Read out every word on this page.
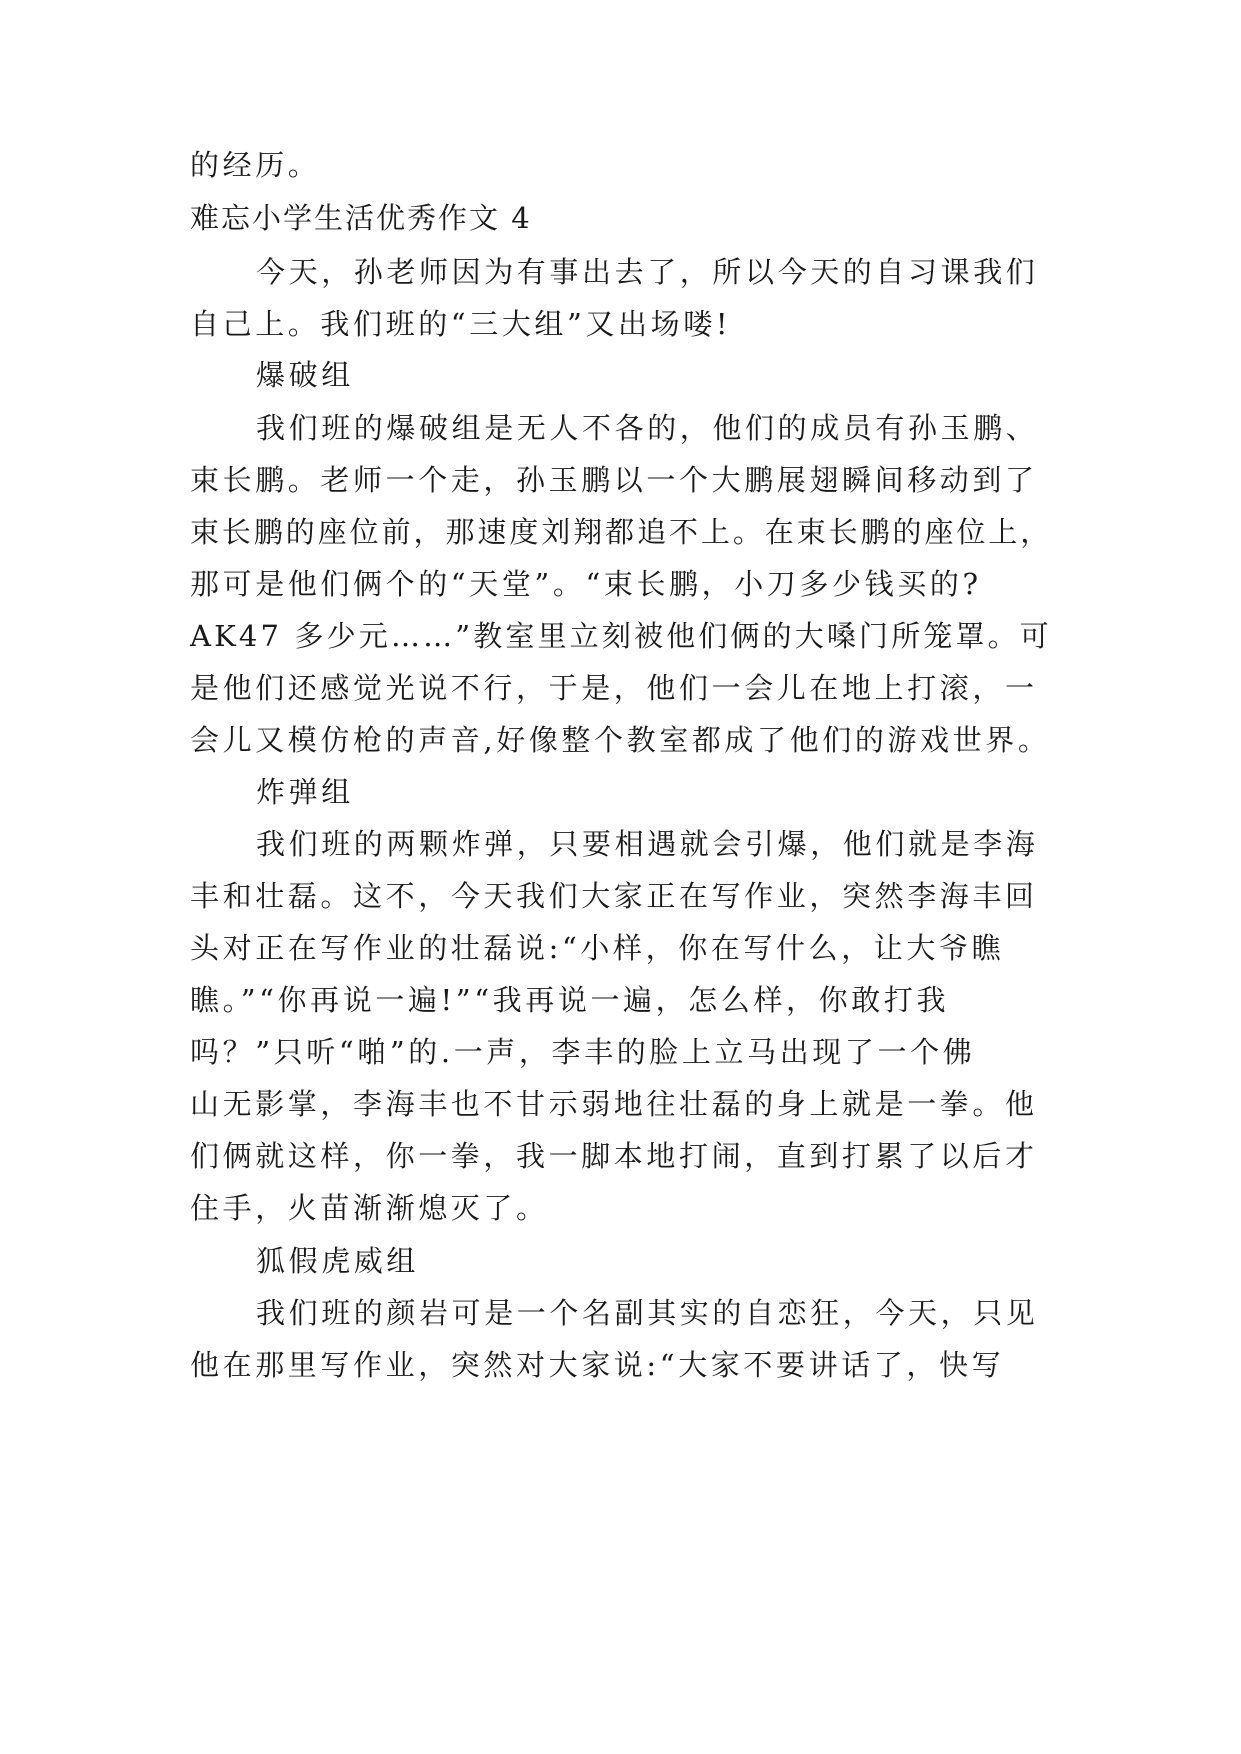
的经历。
难忘小学生活优秀作文 4
今天，孙老师因为有事出去了，所以今天的自习课我们
自己上。我们班的“三大组”又出场喽!
爆破组
我们班的爆破组是无人不各的，他们的成员有孙玉鹏、
束长鹏。老师一个走，孙玉鹏以一个大鹏展翅瞬间移动到了
束长鹏的座位前，那速度刘翔都追不上。在束长鹏的座位上，
那可是他们俩个的“天堂”。“束长鹏，小刀多少钱买的?
AK47 多少元……”教室里立刻被他们俩的大嗓门所笼罩。可
是他们还感觉光说不行，于是，他们一会儿在地上打滚，一
会儿又模仿枪的声音,好像整个教室都成了他们的游戏世界。
炸弹组
我们班的两颗炸弹，只要相遇就会引爆，他们就是李海
丰和壮磊。这不，今天我们大家正在写作业，突然李海丰回
头对正在写作业的壮磊说:“小样，你在写什么，让大爷瞧
瞧。”“你再说一遍!”“我再说一遍，怎么样，你敢打我
吗？”只听“啪”的.一声，李丰的脸上立马出现了一个佛
山无影掌，李海丰也不甘示弱地往壮磊的身上就是一拳。他
们俩就这样，你一拳，我一脚本地打闹，直到打累了以后才
住手，火苗渐渐熄灭了。
狐假虎威组
我们班的颜岩可是一个名副其实的自恋狂，今天，只见
他在那里写作业，突然对大家说:“大家不要讲话了，快写
